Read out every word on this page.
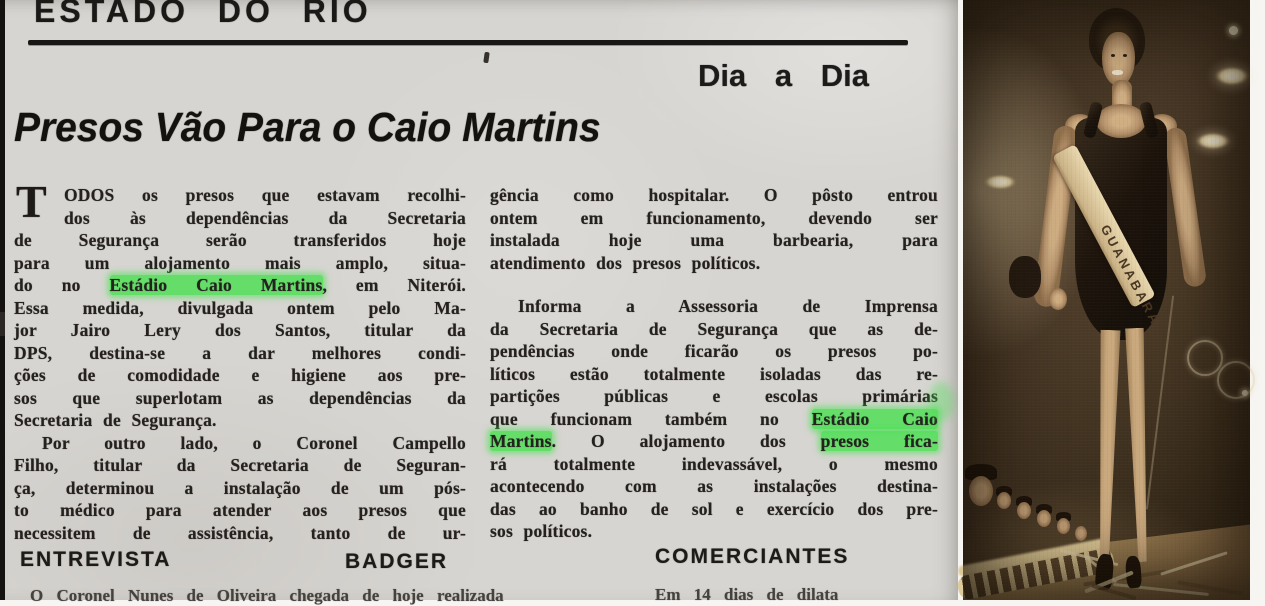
ESTADO DO RIO
Dia a Dia
Presos Vão Para o Caio Martins
T ODOS os presos que estavam recolhi-
dos às dependências da Secretaria
de Segurança serão transferidos hoje
para um alojamento mais amplo, situa-
do no Estádio Caio Martins, em Niterói.
Essa medida, divulgada ontem pelo Ma-
jor Jairo Lery dos Santos, titular da
DPS, destina-se a dar melhores condi-
ções de comodidade e higiene aos pre-
sos que superlotam as dependências da
Secretaria de Segurança.
Por outro lado, o Coronel Campello
Filho, titular da Secretaria de Seguran-
ça, determinou a instalação de um pós-
to médico para atender aos presos que
necessitem de assistência, tanto de ur-
gência como hospitalar. O pôsto entrou
ontem em funcionamento, devendo ser
instalada hoje uma barbearia, para
atendimento dos presos políticos.
Informa a Assessoria de Imprensa
da Secretaria de Segurança que as de-
pendências onde ficarão os presos po-
líticos estão totalmente isoladas das re-
partições públicas e escolas primárias
que funcionam também no Estádio Caio
Martins. O alojamento dos presos fica-
rá totalmente indevassável, o mesmo
acontecendo com as instalações destina-
das ao banho de sol e exercício dos pre-
sos políticos.
ENTREVISTA	BADGER	COMERCIANTES
O Coronel Nunes de Oliveira chegada de hoje realizada	Em 14 dias de dilata
